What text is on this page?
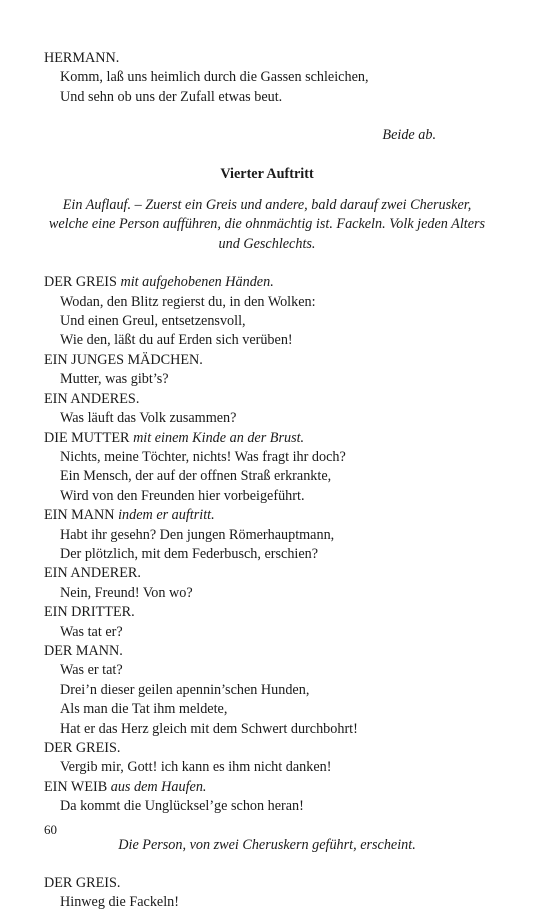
HERMANN.
Komm, laß uns heimlich durch die Gassen schleichen,
Und sehn ob uns der Zufall etwas beut.
Beide ab.
Vierter Auftritt
Ein Auflauf. – Zuerst ein Greis und andere, bald darauf zwei Cherusker, welche eine Person aufführen, die ohnmächtig ist. Fackeln. Volk jeden Alters und Geschlechts.
DER GREIS mit aufgehobenen Händen.
Wodan, den Blitz regierst du, in den Wolken:
Und einen Greul, entsetzensvoll,
Wie den, läßt du auf Erden sich verüben!
EIN JUNGES MÄDCHEN.
Mutter, was gibt’s?
EIN ANDERES.
Was läuft das Volk zusammen?
DIE MUTTER mit einem Kinde an der Brust.
Nichts, meine Töchter, nichts! Was fragt ihr doch?
Ein Mensch, der auf der offnen Straß erkrankte,
Wird von den Freunden hier vorbeigeführt.
EIN MANN indem er auftritt.
Habt ihr gesehn? Den jungen Römerhauptmann,
Der plötzlich, mit dem Federbusch, erschien?
EIN ANDERER.
Nein, Freund! Von wo?
EIN DRITTER.
Was tat er?
DER MANN.
Was er tat?
Drei’n dieser geilen apennin’schen Hunden,
Als man die Tat ihm meldete,
Hat er das Herz gleich mit dem Schwert durchbohrt!
DER GREIS.
Vergib mir, Gott! ich kann es ihm nicht danken!
EIN WEIB aus dem Haufen.
Da kommt die Unglücksel’ge schon heran!
Die Person, von zwei Cheruskern geführt, erscheint.
DER GREIS.
Hinweg die Fackeln!
60
